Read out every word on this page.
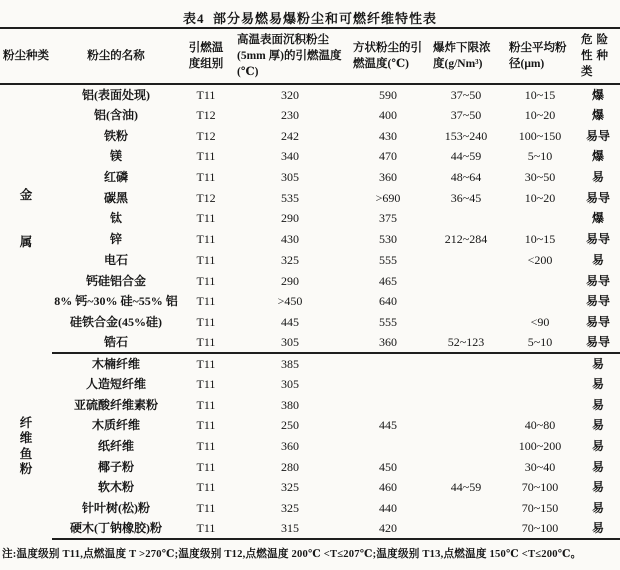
表4  部分易燃易爆粉尘和可燃纤维特性表
粉尘种类	粉尘的名称	引燃温度组别	高温表面沉积粉尘(5mm 厚)的引燃温度(℃)	方状粉尘的引燃温度(℃)	爆炸下限浓度(g/Nm³)	粉尘平均粉径(μm)	危险性种类

金
属	铝(表面处现)	T11	320	590	37~50	10~15	爆
	铝(含油)	T12	230	400	37~50	10~20	爆
	铁粉	T12	242	430	153~240	100~150	易导
	镁	T11	340	470	44~59	5~10	爆
	红磷	T11	305	360	48~64	30~50	易
	碳黑	T12	535	>690	36~45	10~20	易导
	钛	T11	290	375			爆
	锌	T11	430	530	212~284	10~15	易导
	电石	T11	325	555		<200	易
	钙硅铝合金	T11	290	465			易导
	8% 钙~30% 硅~55% 铝	T11	>450	640			易导
	硅铁合金(45%硅)	T11	445	555		<90	易导
	锆石	T11	305	360	52~123	5~10	易导

纤
维
鱼
粉	木楠纤维	T11	385				易
	人造短纤维	T11	305				易
	亚硫酸纤维素粉	T11	380				易
	木质纤维	T11	250	445		40~80	易
	纸纤维	T11	360			100~200	易
	椰子粉	T11	280	450		30~40	易
	软木粉	T11	325	460	44~59	70~100	易
	针叶树(松)粉	T11	325	440		70~150	易
	硬木(丁钠橡胶)粉	T11	315	420		70~100	易
注:温度级别 T11,点燃温度 T >270℃;温度级别 T12,点燃温度 200℃ <T≤207℃;温度级别 T13,点燃温度 150℃ <T≤200℃。
